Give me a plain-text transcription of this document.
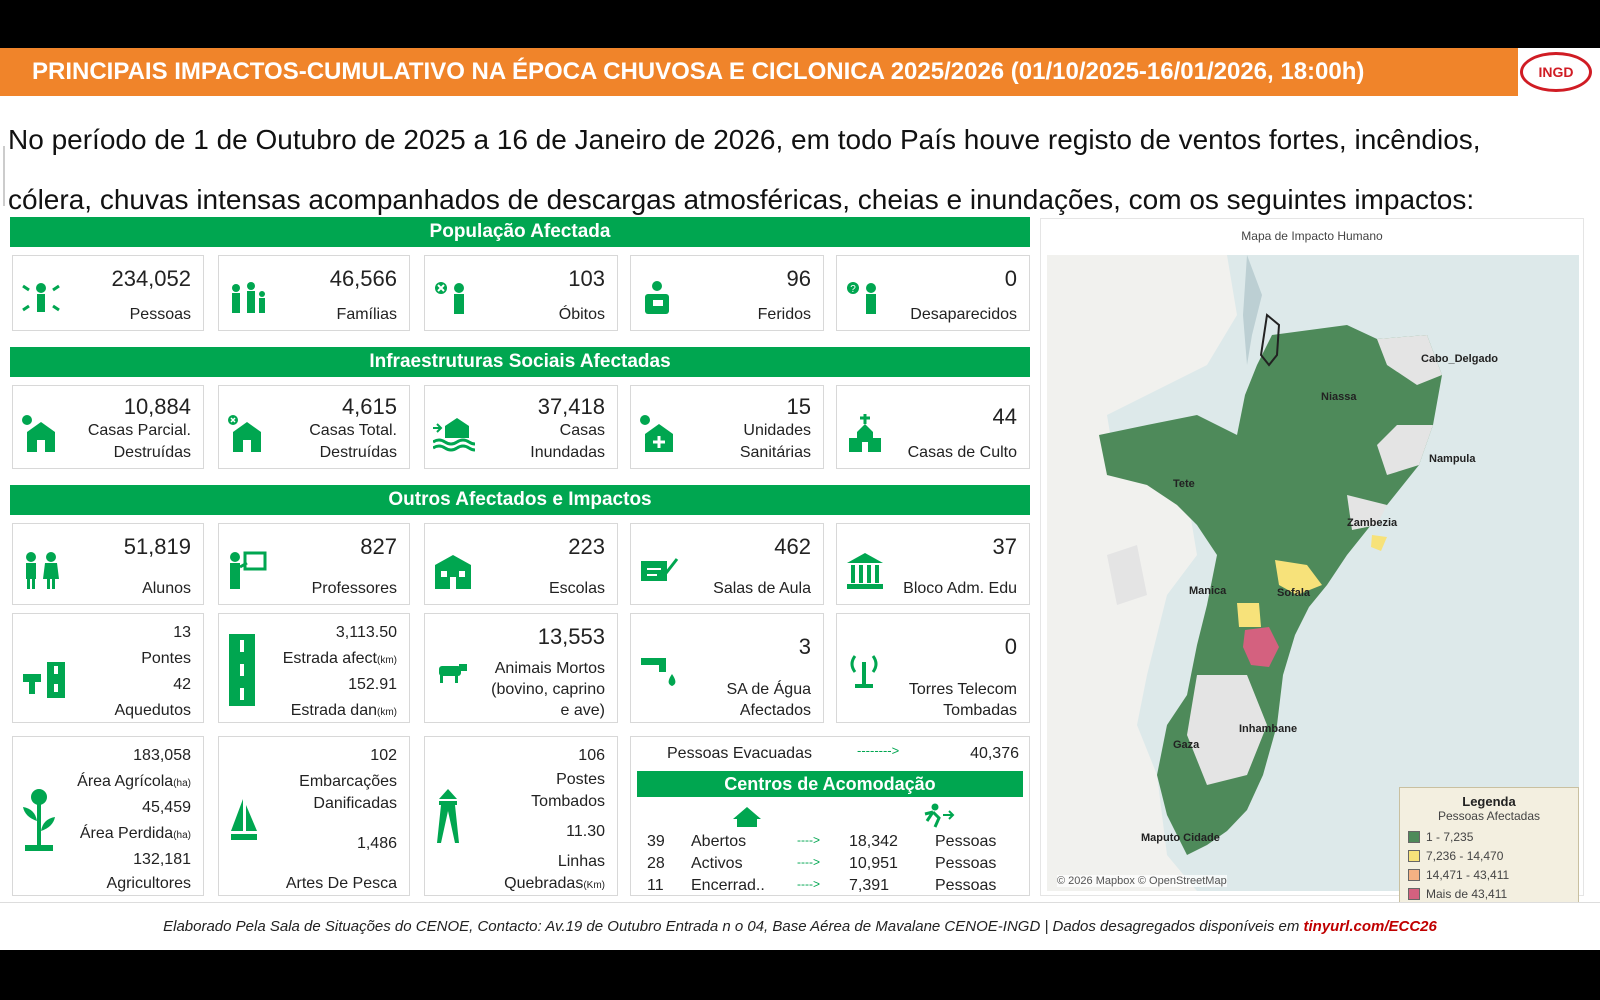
PRINCIPAIS IMPACTOS-CUMULATIVO NA ÉPOCA CHUVOSA E CICLONICA 2025/2026 (01/10/2025-16/01/2026, 18:00h)	INGD
No período de 1 de Outubro de 2025 a 16 de Janeiro de 2026, em todo País houve registo de ventos fortes, incêndios,
cólera, chuvas intensas acompanhados de descargas atmosféricas, cheias e inundações, com os seguintes impactos:
População Afectada
234,052
Pessoas
46,566
Famílias
103
Óbitos
96
Feridos
?	0
Desaparecidos
Infraestruturas Sociais Afectadas
10,884
Casas Parcial.
Destruídas
4,615
Casas Total.
Destruídas
37,418
Casas
Inundadas
15
Unidades
Sanitárias
44
Casas de Culto
Outros Afectados e Impactos
51,819
Alunos
827
Professores
223
Escolas
462
Salas de Aula
37
Bloco Adm. Edu
13
Pontes
42
Aquedutos
3,113.50
Estrada afect(km)
152.91
Estrada dan(km)
13,553
Animais Mortos
(bovino, caprino
e ave)
3
SA de Água
Afectados
0
Torres Telecom
Tombadas
183,058
Área Agrícola(ha)
45,459
Área Perdida(ha)
132,181
Agricultores
102
Embarcações
Danificadas
1,486
Artes De Pesca
106
Postes
Tombados
11.30
Linhas
Quebradas(Km)
Pessoas Evacuadas	-------->	40,376
Centros de Acomodação
39 Abertos	----> 18,342 Pessoas
28 Activos	----> 10,951 Pessoas
11 Encerrad..	----> 7,391	Pessoas
Mapa de Impacto Humano
Cabo_Delgado
Niassa
Nampula
Tete
Zambezia
Manica	Sofala
Inhambane
Gaza
Maputo Cidade
Legenda
Pessoas Afectadas
1 - 7,235
7,236 - 14,470
14,471 - 43,411
Mais de 43,411
© 2026 Mapbox © OpenStreetMap
Elaborado Pela Sala de Situações do CENOE, Contacto: Av.19 de Outubro Entrada n o 04, Base Aérea de Mavalane CENOE-INGD | Dados desagregados disponíveis em tinyurl.com/ECC26
